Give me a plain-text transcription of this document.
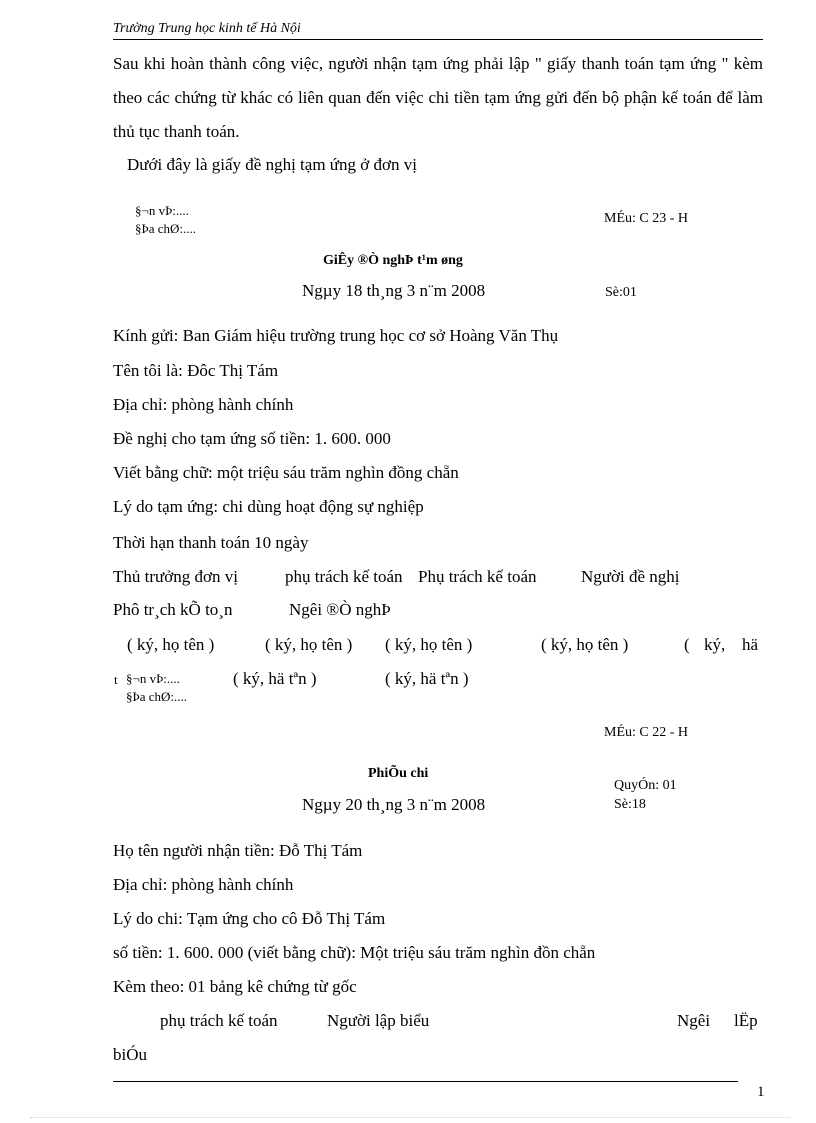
Trường Trung học kinh tế Hà Nội
Sau khi hoàn thành công việc, người nhận tạm ứng phải lập " giấy thanh toán tạm ứng " kèm theo các chứng từ khác có liên quan đến việc chi tiền tạm ứng gửi đến bộ phận kế toán để làm thủ tục thanh toán.
Dưới đây là giấy đề nghị tạm ứng ở đơn vị
§¬n vÞ:....
§Þa chØ:....
MÉu: C 23 - H
GiÊy ®Ò nghÞ t¹m øng
Ngµy 18 th¸ng 3 n¨m 2008	Sè:01
Kính gửi: Ban Giám hiệu trường trung học cơ sở Hoàng Văn Thụ
Tên tôi là: Đôc Thị Tám
Địa chỉ: phòng hành chính
Đề nghị cho tạm ứng số tiền: 1. 600. 000
Viết bằng chữ: một triệu sáu trăm nghìn đồng chẵn
Lý do tạm ứng: chi dùng hoạt động sự nghiệp
Thời hạn thanh toán 10 ngày
Thủ trưởng đơn vị	phụ trách kế toán Phụ trách kế toán	Người đề nghị
Phô tr¸ch kÕ to¸n	Ngêi ®Ò nghÞ
( ký, họ tên )	( ký, họ tên ) ( ký, họ tên )	( ký, họ tên )	( ký, hä
t	( ký, hä tªn )	( ký, hä tªn )
§¬n vÞ:....
§Þa chØ:....
MÉu: C 22 - H
PhiÕu chi
QuyÓn: 01
Ngµy 20 th¸ng 3 n¨m 2008	Sè:18
Họ tên người nhận tiền: Đỗ Thị Tám
Địa chỉ: phòng hành chính
Lý do chi: Tạm ứng cho cô Đỗ Thị Tám
số tiền: 1. 600. 000 (viết bằng chữ): Một triệu sáu trăm nghìn đồn chẵn
Kèm theo: 01 bảng kê chứng từ gốc
phụ trách kế toán	Người lập biểu	Ngêi lËp
biÓu
1
